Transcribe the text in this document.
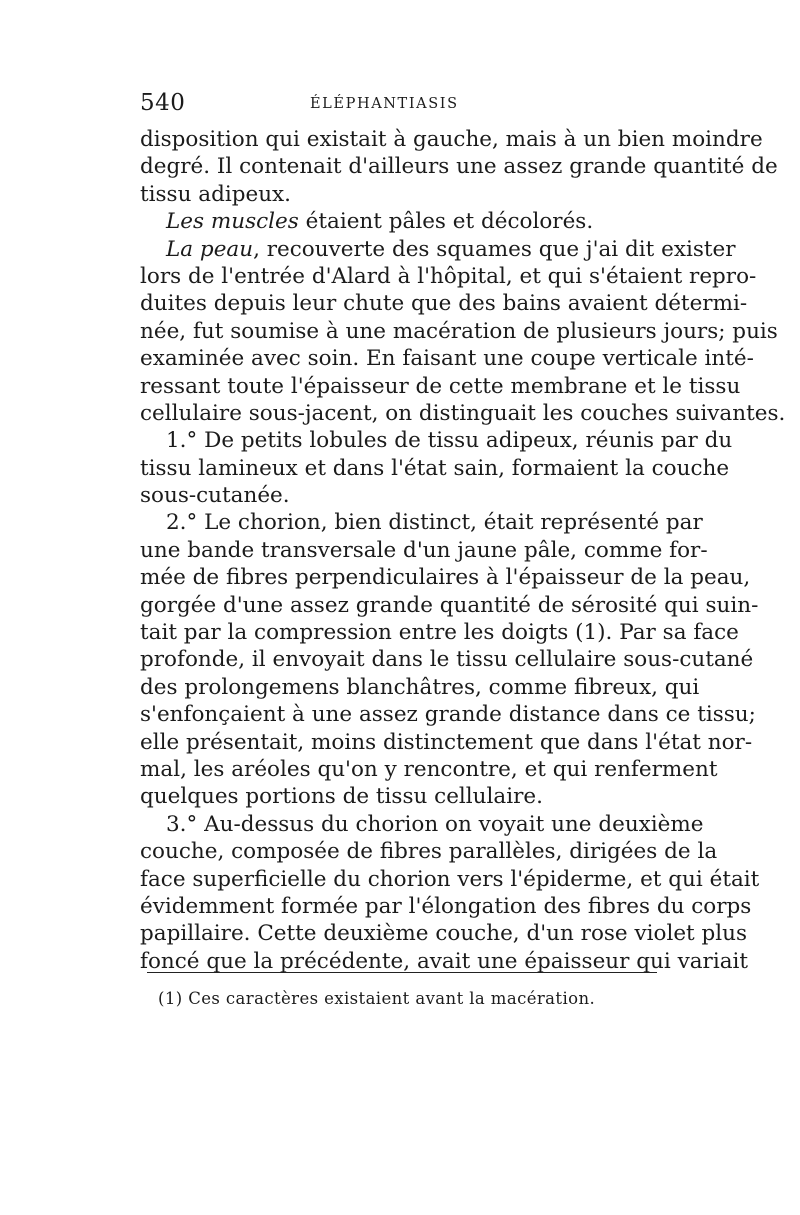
540	ÉLÉPHANTIASIS
disposition qui existait à gauche, mais à un bien moindre
degré. Il contenait d'ailleurs une assez grande quantité de
tissu adipeux.
Les muscles étaient pâles et décolorés.
La peau, recouverte des squames que j'ai dit exister
lors de l'entrée d'Alard à l'hôpital, et qui s'étaient repro-
duites depuis leur chute que des bains avaient détermi-
née, fut soumise à une macération de plusieurs jours; puis
examinée avec soin. En faisant une coupe verticale inté-
ressant toute l'épaisseur de cette membrane et le tissu
cellulaire sous-jacent, on distinguait les couches suivantes.
1.° De petits lobules de tissu adipeux, réunis par du
tissu lamineux et dans l'état sain, formaient la couche
sous-cutanée.
2.° Le chorion, bien distinct, était représenté par
une bande transversale d'un jaune pâle, comme for-
mée de fibres perpendiculaires à l'épaisseur de la peau,
gorgée d'une assez grande quantité de sérosité qui suin-
tait par la compression entre les doigts (1). Par sa face
profonde, il envoyait dans le tissu cellulaire sous-cutané
des prolongemens blanchâtres, comme fibreux, qui
s'enfonçaient à une assez grande distance dans ce tissu;
elle présentait, moins distinctement que dans l'état nor-
mal, les aréoles qu'on y rencontre, et qui renferment
quelques portions de tissu cellulaire.
3.° Au-dessus du chorion on voyait une deuxième
couche, composée de fibres parallèles, dirigées de la
face superficielle du chorion vers l'épiderme, et qui était
évidemment formée par l'élongation des fibres du corps
papillaire. Cette deuxième couche, d'un rose violet plus
foncé que la précédente, avait une épaisseur qui variait
(1) Ces caractères existaient avant la macération.
